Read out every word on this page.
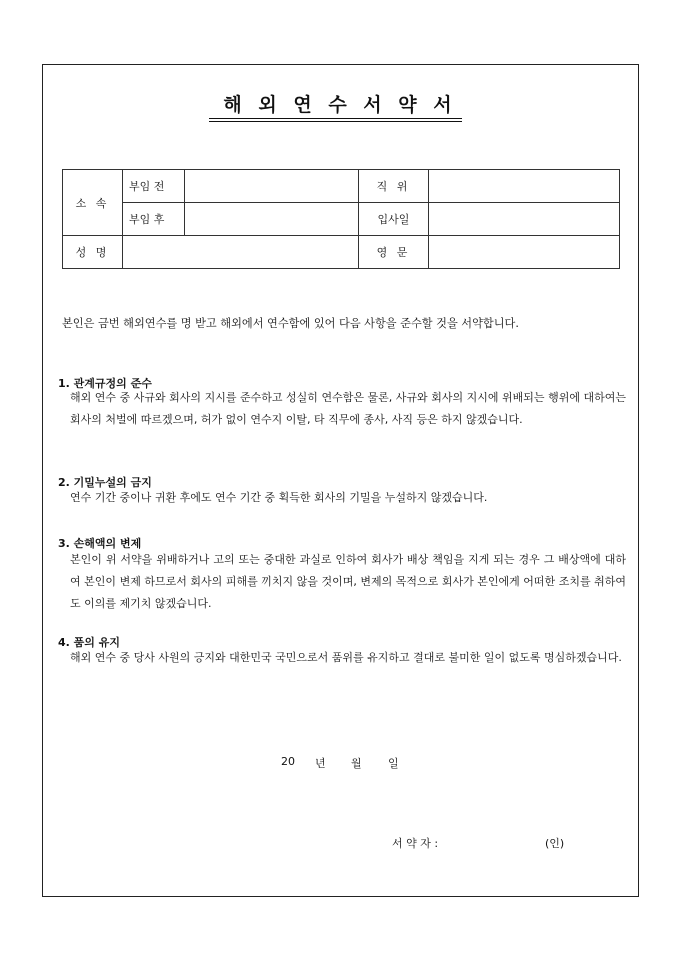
해 외 연 수 서 약 서
소 속	부임 전		직 위	
	부임 후		입사일	
성 명			영 문	
본인은 금번 해외연수를 명 받고 해외에서 연수함에 있어 다음 사항을 준수할 것을 서약합니다.
1. 관계규정의 준수
해외 연수 중 사규와 회사의 지시를 준수하고 성실히 연수함은 물론, 사규와 회사의 지시에 위배되는 행위에 대하여는 회사의 처벌에 따르겠으며, 허가 없이 연수지 이탈, 타 직무에 종사, 사직 등은 하지 않겠습니다.
2. 기밀누설의 금지
연수 기간 중이나 귀환 후에도 연수 기간 중 획득한 회사의 기밀을 누설하지 않겠습니다.
3. 손해액의 변제
본인이 위 서약을 위배하거나 고의 또는 중대한 과실로 인하여 회사가 배상 책임을 지게 되는 경우 그 배상액에 대하여 본인이 변제 하므로서 회사의 피해를 끼치지 않을 것이며, 변제의 목적으로 회사가 본인에게 어떠한 조치를 취하여도 이의를 제기치 않겠습니다.
4. 품의 유지
해외 연수 중 당사 사원의 긍지와 대한민국 국민으로서 품위를 유지하고 결대로 불미한 일이 없도록 명심하겠습니다.
20 년 월 일
서 약 자 :	(인)
